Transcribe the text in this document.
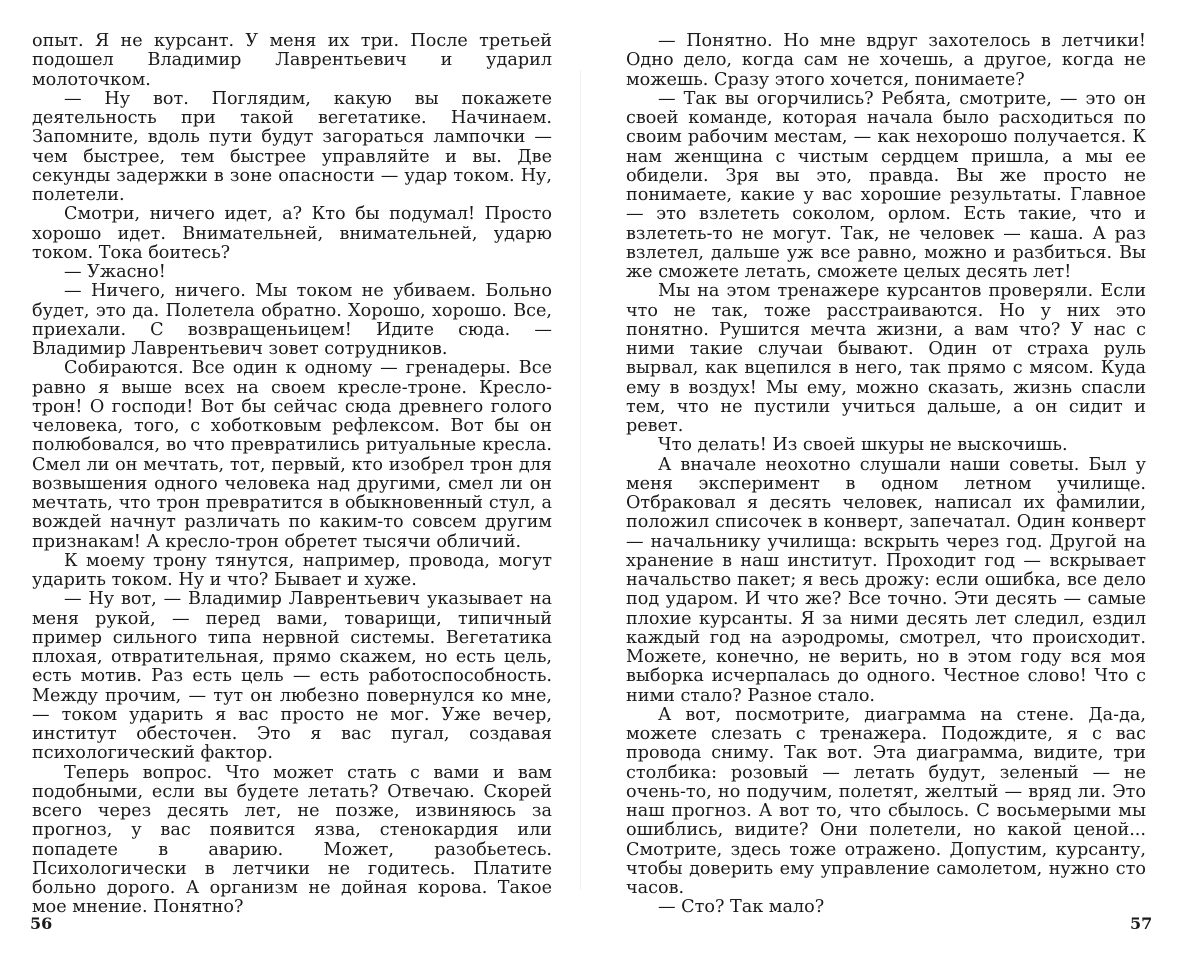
опыт. Я не курсант. У меня их три. После третьей подошел Владимир Лаврентьевич и ударил молоточком.

— Ну вот. Поглядим, какую вы покажете деятельность при такой вегетатике. Начинаем. Запомните, вдоль пути будут загораться лампочки — чем быстрее, тем быстрее управляйте и вы. Две секунды задержки в зоне опасности — удар током. Ну, полетели.

Смотри, ничего идет, а? Кто бы подумал! Просто хорошо идет. Внимательней, внимательней, ударю током. Тока боитесь?

— Ужасно!

— Ничего, ничего. Мы током не убиваем. Больно будет, это да. Полетела обратно. Хорошо, хорошо. Все, приехали. С возвращеньицем! Идите сюда. — Владимир Лаврентьевич зовет сотрудников.

Собираются. Все один к одному — гренадеры. Все равно я выше всех на своем кресле-троне. Кресло-трон! О господи! Вот бы сейчас сюда древнего голого человека, того, с хоботковым рефлексом. Вот бы он полюбовался, во что превратились ритуальные кресла. Смел ли он мечтать, тот, первый, кто изобрел трон для возвышения одного человека над другими, смел ли он мечтать, что трон превратится в обыкновенный стул, а вождей начнут различать по каким-то совсем другим признакам! А кресло-трон обретет тысячи обличий.

К моему трону тянутся, например, провода, могут ударить током. Ну и что? Бывает и хуже.

— Ну вот, — Владимир Лаврентьевич указывает на меня рукой, — перед вами, товарищи, типичный пример сильного типа нервной системы. Вегетатика плохая, отвратительная, прямо скажем, но есть цель, есть мотив. Раз есть цель — есть работоспособность. Между прочим, — тут он любезно повернулся ко мне, — током ударить я вас просто не мог. Уже вечер, институт обесточен. Это я вас пугал, создавая психологический фактор.

Теперь вопрос. Что может стать с вами и вам подобными, если вы будете летать? Отвечаю. Скорей всего через десять лет, не позже, извиняюсь за прогноз, у вас появится язва, стенокардия или попадете в аварию. Может, разобьетесь. Психологически в летчики не годитесь. Платите больно дорого. А организм не дойная корова. Такое мое мнение. Понятно?

— Понятно. Но мне вдруг захотелось в летчики! Одно дело, когда сам не хочешь, а другое, когда не можешь. Сразу этого хочется, понимаете?

— Так вы огорчились? Ребята, смотрите, — это он своей команде, которая начала было расходиться по своим рабочим местам, — как нехорошо получается. К нам женщина с чистым сердцем пришла, а мы ее обидели. Зря вы это, правда. Вы же просто не понимаете, какие у вас хорошие результаты. Главное — это взлететь соколом, орлом. Есть такие, что и взлететь-то не могут. Так, не человек — каша. А раз взлетел, дальше уж все равно, можно и разбиться. Вы же сможете летать, сможете целых десять лет!

Мы на этом тренажере курсантов проверяли. Если что не так, тоже расстраиваются. Но у них это понятно. Рушится мечта жизни, а вам что? У нас с ними такие случаи бывают. Один от страха руль вырвал, как вцепился в него, так прямо с мясом. Куда ему в воздух! Мы ему, можно сказать, жизнь спасли тем, что не пустили учиться дальше, а он сидит и ревет.

Что делать! Из своей шкуры не выскочишь.

А вначале неохотно слушали наши советы. Был у меня эксперимент в одном летном училище. Отбраковал я десять человек, написал их фамилии, положил списочек в конверт, запечатал. Один конверт — начальнику училища: вскрыть через год. Другой на хранение в наш институт. Проходит год — вскрывает начальство пакет; я весь дрожу: если ошибка, все дело под ударом. И что же? Все точно. Эти десять — самые плохие курсанты. Я за ними десять лет следил, ездил каждый год на аэродромы, смотрел, что происходит. Можете, конечно, не верить, но в этом году вся моя выборка исчерпалась до одного. Честное слово! Что с ними стало? Разное стало.

А вот, посмотрите, диаграмма на стене. Да-да, можете слезать с тренажера. Подождите, я с вас провода сниму. Так вот. Эта диаграмма, видите, три столбика: розовый — летать будут, зеленый — не очень-то, но подучим, полетят, желтый — вряд ли. Это наш прогноз. А вот то, что сбылось. С восьмерыми мы ошиблись, видите? Они полетели, но какой ценой... Смотрите, здесь тоже отражено. Допустим, курсанту, чтобы доверить ему управление самолетом, нужно сто часов.

— Сто? Так мало?

56	57
